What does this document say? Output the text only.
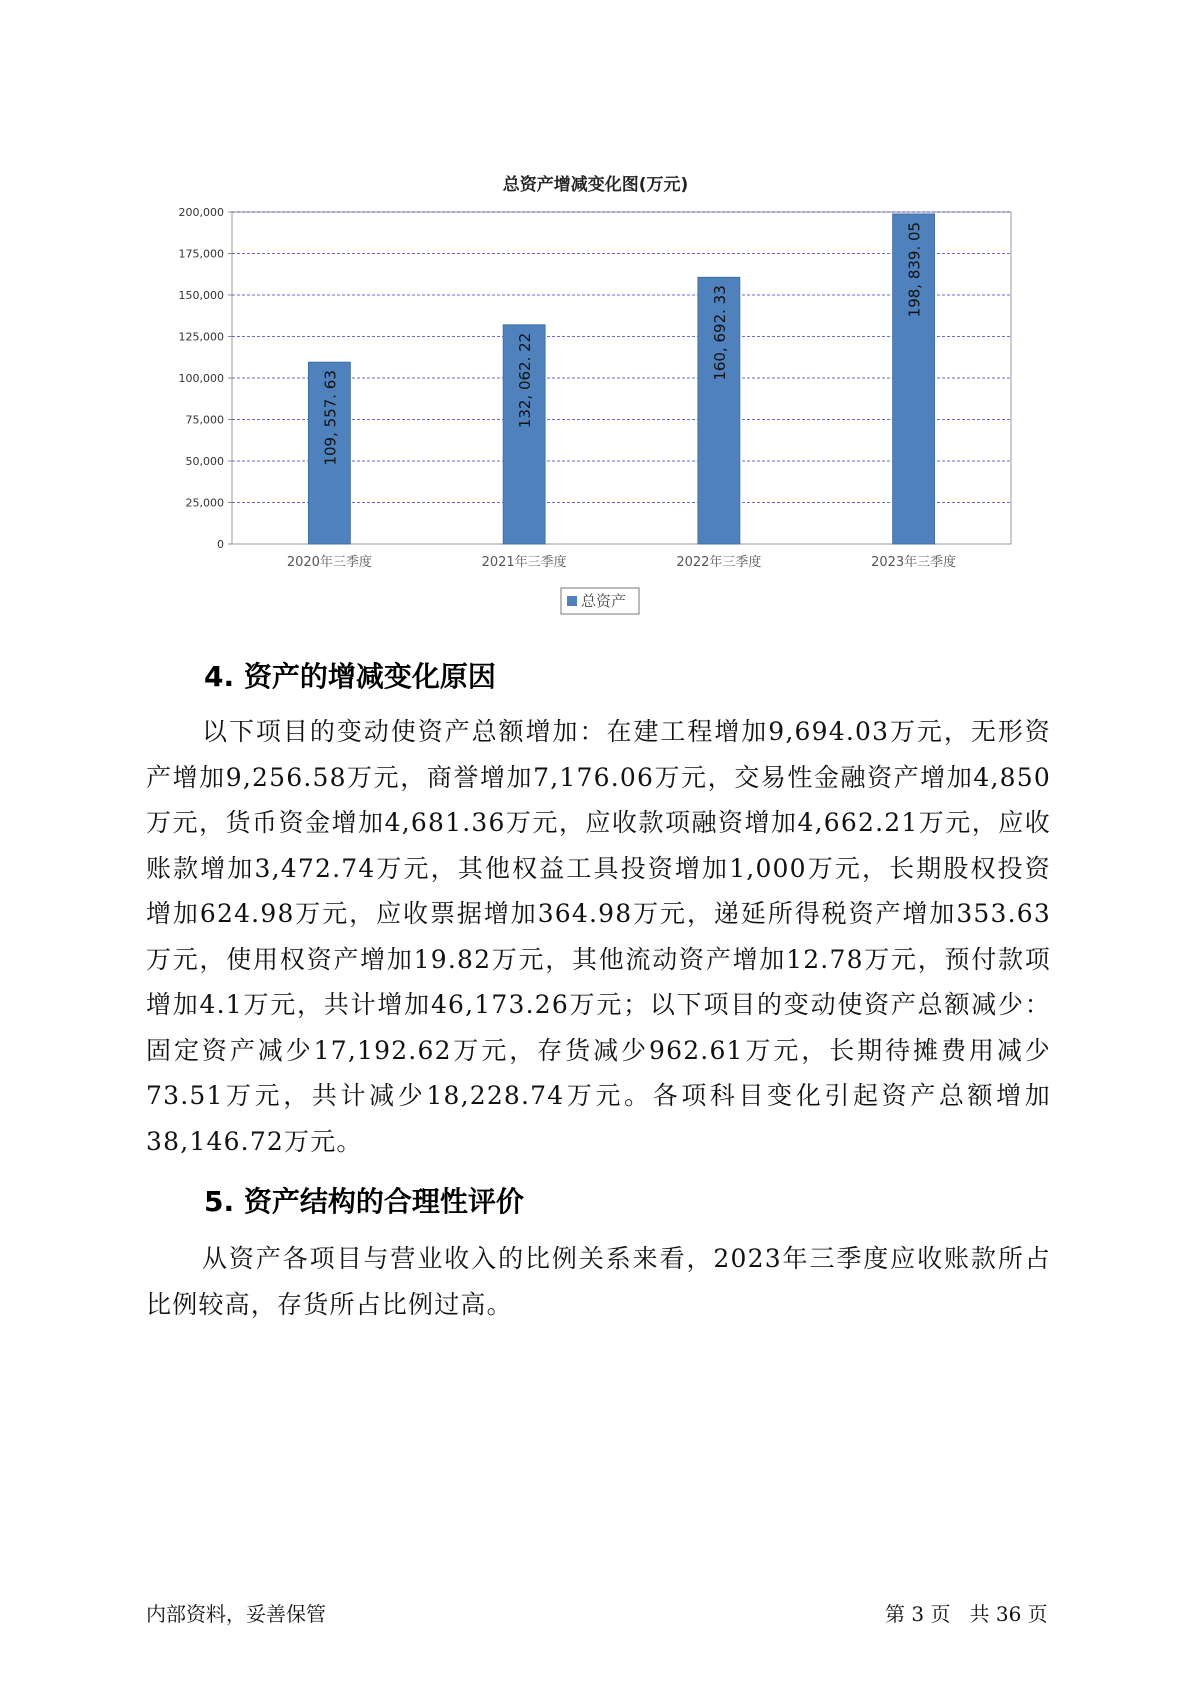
总资产增减变化图(万元)
0
25,000
50,000
75,000
100,000
125,000
150,000
175,000
200,000
109, 557. 63
2020年三季度
132, 062. 22
2021年三季度
160, 692. 33
2022年三季度
198, 839. 05
2023年三季度
总资产
4. 资产的增减变化原因
以下项目的变动使资产总额增加：在建工程增加9,694.03万元，无形资产增加9,256.58万元，商誉增加7,176.06万元，交易性金融资产增加4,850万元，货币资金增加4,681.36万元，应收款项融资增加4,662.21万元，应收账款增加3,472.74万元，其他权益工具投资增加1,000万元，长期股权投资增加624.98万元，应收票据增加364.98万元，递延所得税资产增加353.63万元，使用权资产增加19.82万元，其他流动资产增加12.78万元，预付款项增加4.1万元，共计增加46,173.26万元；以下项目的变动使资产总额减少：固定资产减少17,192.62万元，存货减少962.61万元，长期待摊费用减少73.51万元，共计减少18,228.74万元。各项科目变化引起资产总额增加38,146.72万元。
5. 资产结构的合理性评价
从资产各项目与营业收入的比例关系来看，2023年三季度应收账款所占比例较高，存货所占比例过高。
内部资料，妥善保管	第 3 页   共 36 页
